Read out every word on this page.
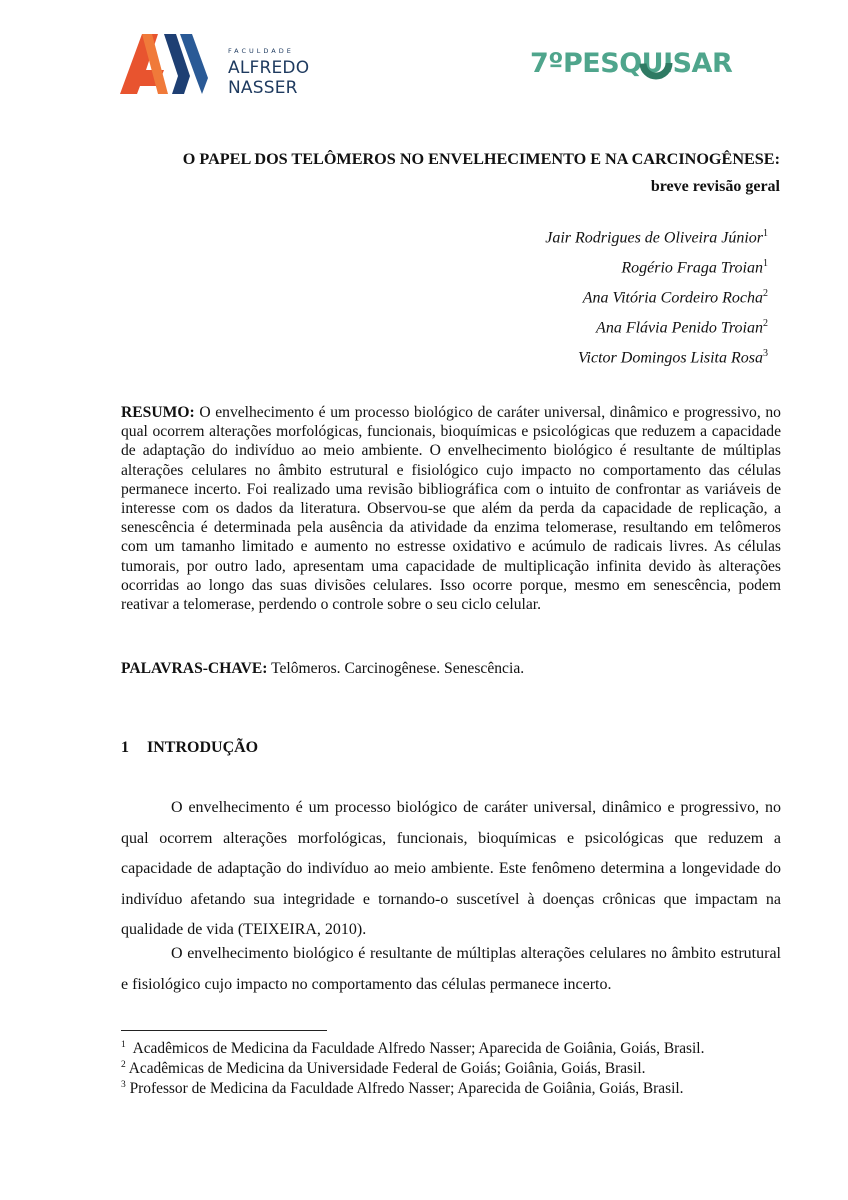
FACULDADE
ALFREDO NASSER
7ºPESQUISAR
O PAPEL DOS TELÔMEROS NO ENVELHECIMENTO E NA CARCINOGÊNESE:
breve revisão geral
Jair Rodrigues de Oliveira Júnior$^1$
Rogério Fraga Troian$^1$
Ana Vitória Cordeiro Rocha$^2$
Ana Flávia Penido Troian$^2$
Victor Domingos Lisita Rosa$^3$
RESUMO: O envelhecimento é um processo biológico de caráter universal, dinâmico e progressivo, no qual ocorrem alterações morfológicas, funcionais, bioquímicas e psicológicas que reduzem a capacidade de adaptação do indivíduo ao meio ambiente. O envelhecimento biológico é resultante de múltiplas alterações celulares no âmbito estrutural e fisiológico cujo impacto no comportamento das células permanece incerto. Foi realizado uma revisão bibliográfica com o intuito de confrontar as variáveis de interesse com os dados da literatura. Observou-se que além da perda da capacidade de replicação, a senescência é determinada pela ausência da atividade da enzima telomerase, resultando em telômeros com um tamanho limitado e aumento no estresse oxidativo e acúmulo de radicais livres. As células tumorais, por outro lado, apresentam uma capacidade de multiplicação infinita devido às alterações ocorridas ao longo das suas divisões celulares. Isso ocorre porque, mesmo em senescência, podem reativar a telomerase, perdendo o controle sobre o seu ciclo celular.
PALAVRAS-CHAVE: Telômeros. Carcinogênese. Senescência.
1 INTRODUÇÃO
O envelhecimento é um processo biológico de caráter universal, dinâmico e progressivo, no qual ocorrem alterações morfológicas, funcionais, bioquímicas e psicológicas que reduzem a capacidade de adaptação do indivíduo ao meio ambiente. Este fenômeno determina a longevidade do indivíduo afetando sua integridade e tornando-o suscetível à doenças crônicas que impactam na qualidade de vida (TEIXEIRA, 2010).
O envelhecimento biológico é resultante de múltiplas alterações celulares no âmbito estrutural e fisiológico cujo impacto no comportamento das células permanece incerto.

$^1$ Acadêmicos de Medicina da Faculdade Alfredo Nasser; Aparecida de Goiânia, Goiás, Brasil.

$^2$ Acadêmicas de Medicina da Universidade Federal de Goiás; Goiânia, Goiás, Brasil.

$^3$ Professor de Medicina da Faculdade Alfredo Nasser; Aparecida de Goiânia, Goiás, Brasil.
